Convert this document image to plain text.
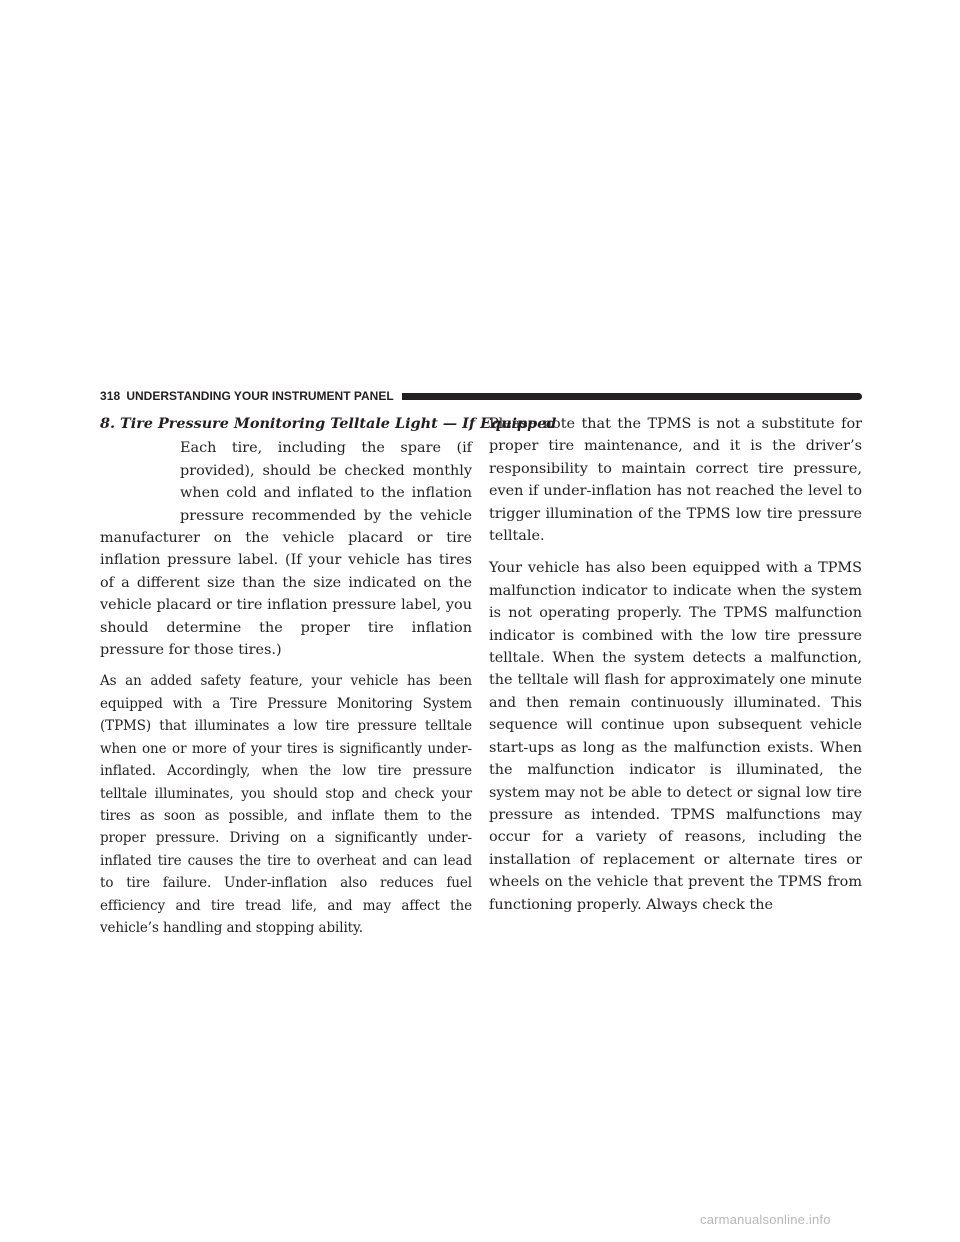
318 UNDERSTANDING YOUR INSTRUMENT PANEL
8. Tire Pressure Monitoring Telltale Light — If Equipped

Each tire, including the spare (if provided), should be checked monthly when cold and inflated to the inflation pressure recommended by the vehicle manufacturer on the vehicle placard or tire inflation pressure label. (If your vehicle has tires of a different size than the size indicated on the vehicle placard or tire inflation pressure label, you should determine the proper tire inflation pressure for those tires.)

As an added safety feature, your vehicle has been equipped with a Tire Pressure Monitoring System (TPMS) that illuminates a low tire pressure telltale when one or more of your tires is significantly under-inflated. Accordingly, when the low tire pressure telltale illuminates, you should stop and check your tires as soon as possible, and inflate them to the proper pressure. Driving on a significantly under-inflated tire causes the tire to overheat and can lead to tire failure. Under-inflation also reduces fuel efficiency and tire tread life, and may affect the vehicle’s handling and stopping ability.

Please note that the TPMS is not a substitute for proper tire maintenance, and it is the driver’s responsibility to maintain correct tire pressure, even if under-inflation has not reached the level to trigger illumination of the TPMS low tire pressure telltale.

Your vehicle has also been equipped with a TPMS malfunction indicator to indicate when the system is not operating properly. The TPMS malfunction indicator is combined with the low tire pressure telltale. When the system detects a malfunction, the telltale will flash for approximately one minute and then remain continuously illuminated. This sequence will continue upon subsequent vehicle start-ups as long as the malfunction exists. When the malfunction indicator is illuminated, the system may not be able to detect or signal low tire pressure as intended. TPMS malfunctions may occur for a variety of reasons, including the installation of replacement or alternate tires or wheels on the vehicle that prevent the TPMS from functioning properly. Always check the

carmanualsonline.info
